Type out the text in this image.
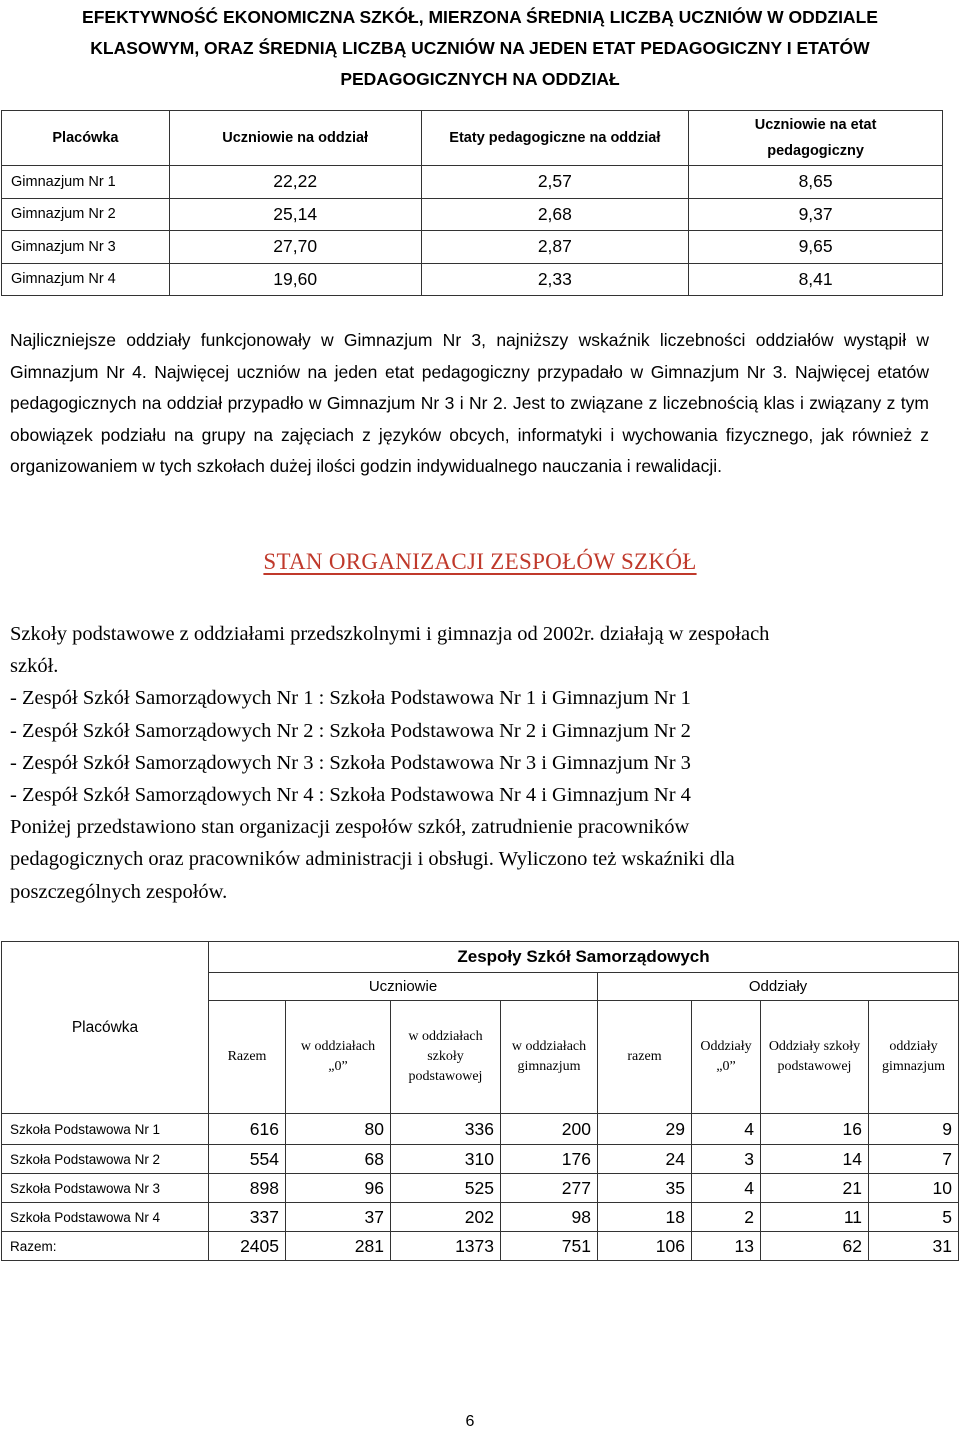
EFEKTYWNOŚĆ EKONOMICZNA SZKÓŁ, MIERZONA ŚREDNIĄ LICZBĄ UCZNIÓW W ODDZIALE
KLASOWYM, ORAZ ŚREDNIĄ LICZBĄ UCZNIÓW NA JEDEN ETAT PEDAGOGICZNY I ETATÓW
PEDAGOGICZNYCH NA ODDZIAŁ
Placówka	Uczniowie na oddział	Etaty pedagogiczne na oddział	Uczniowie na etat pedagogiczny
Gimnazjum Nr 1	22,22	2,57	8,65
Gimnazjum Nr 2	25,14	2,68	9,37
Gimnazjum Nr 3	27,70	2,87	9,65
Gimnazjum Nr 4	19,60	2,33	8,41

Najliczniejsze oddziały funkcjonowały w Gimnazjum Nr 3, najniższy wskaźnik liczebności oddziałów wystąpił w Gimnazjum Nr 4. Najwięcej uczniów na jeden etat pedagogiczny przypadało w Gimnazjum Nr 3. Najwięcej etatów pedagogicznych na oddział przypadło w Gimnazjum Nr 3 i Nr 2. Jest to związane z liczebnością klas i związany z tym obowiązek podziału na grupy na zajęciach z języków obcych, informatyki i wychowania fizycznego, jak również z organizowaniem w tych szkołach dużej ilości godzin indywidualnego nauczania i rewalidacji.

STAN ORGANIZACJI ZESPOŁÓW SZKÓŁ
Szkoły podstawowe z oddziałami przedszkolnymi i gimnazja od 2002r. działają w zespołach
szkół.
- Zespół Szkół Samorządowych Nr 1 : Szkoła Podstawowa Nr 1 i Gimnazjum Nr 1
- Zespół Szkół Samorządowych Nr 2 : Szkoła Podstawowa Nr 2 i Gimnazjum Nr 2
- Zespół Szkół Samorządowych Nr 3 : Szkoła Podstawowa Nr 3 i Gimnazjum Nr 3
- Zespół Szkół Samorządowych Nr 4 : Szkoła Podstawowa Nr 4 i Gimnazjum Nr 4
Poniżej przedstawiono stan organizacji zespołów szkół, zatrudnienie pracowników
pedagogicznych oraz pracowników administracji i obsługi. Wyliczono też wskaźniki dla
poszczególnych zespołów.
Placówka	Zespoły Szkół Samorządowych							
	Uczniowie				Oddziały			
	Razem	w oddziałach „0”	w oddziałach szkoły podstawowej	w oddziałach gimnazjum	razem	Oddziały „0”	Oddziały szkoły podstawowej	oddziały gimnazjum
Szkoła Podstawowa Nr 1	616	80	336	200	29	4	16	9
Szkoła Podstawowa Nr 2	554	68	310	176	24	3	14	7
Szkoła Podstawowa Nr 3	898	96	525	277	35	4	21	10
Szkoła Podstawowa Nr 4	337	37	202	98	18	2	11	5
Razem:	2405	281	1373	751	106	13	62	31
6
